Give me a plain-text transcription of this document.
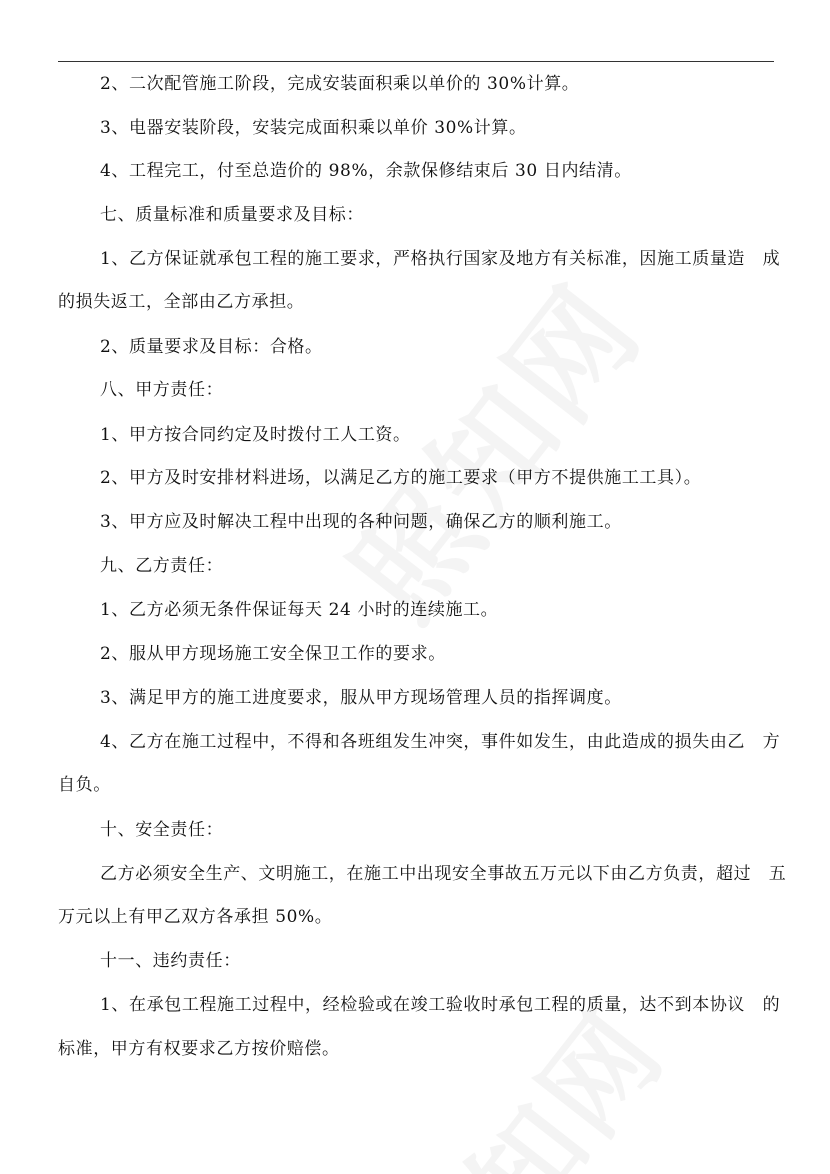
2、二次配管施工阶段，完成安装面积乘以单价的 30%计算。
3、电器安装阶段，安装完成面积乘以单价 30%计算。
4、工程完工，付至总造价的 98%，余款保修结束后 30 日内结清。
七、质量标准和质量要求及目标：
1、乙方保证就承包工程的施工要求，严格执行国家及地方有关标准，因施工质量造　成
的损失返工，全部由乙方承担。
2、质量要求及目标：合格。
八、甲方责任：
1、甲方按合同约定及时拨付工人工资。
2、甲方及时安排材料进场，以满足乙方的施工要求（甲方不提供施工工具）。
3、甲方应及时解决工程中出现的各种问题，确保乙方的顺利施工。
九、乙方责任：
1、乙方必须无条件保证每天 24 小时的连续施工。
2、服从甲方现场施工安全保卫工作的要求。
3、满足甲方的施工进度要求，服从甲方现场管理人员的指挥调度。
4、乙方在施工过程中，不得和各班组发生冲突，事件如发生，由此造成的损失由乙　方
自负。
十、安全责任：
乙方必须安全生产、文明施工，在施工中出现安全事故五万元以下由乙方负责，超过　五
万元以上有甲乙双方各承担 50%。
十一、违约责任：
1、在承包工程施工过程中，经检验或在竣工验收时承包工程的质量，达不到本协议　的
标准，甲方有权要求乙方按价赔偿。
